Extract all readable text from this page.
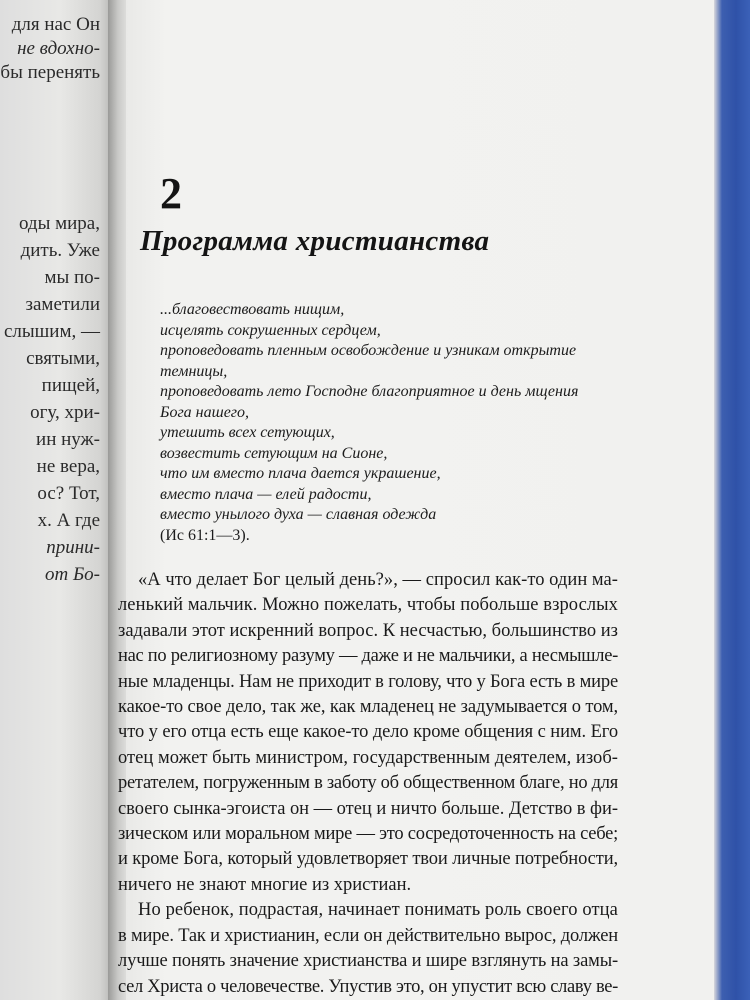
для нас Он
не вдохно-
бы перенять
оды мира,
дить. Уже
мы по-
заметили
слышим, —
святыми,
пищей,
огу, хри-
ин нуж-
не вера,
ос? Тот,
х. А где
прини-
от Бо-
2
Программа христианства
...благовествовать нищим,
исцелять сокрушенных сердцем,
проповедовать пленным освобождение и узникам открытие
темницы,
проповедовать лето Господне благоприятное и день мщения
Бога нашего,
утешить всех сетующих,
возвестить сетующим на Сионе,
что им вместо плача дается украшение,
вместо плача — елей радости,
вместо унылого духа — славная одежда
(Ис 61:1—3).
«А что делает Бог целый день?», — спросил как-то один ма-
ленький мальчик. Можно пожелать, чтобы побольше взрослых
задавали этот искренний вопрос. К несчастью, большинство из
нас по религиозному разуму — даже и не мальчики, а несмышле-
ные младенцы. Нам не приходит в голову, что у Бога есть в мире
какое-то свое дело, так же, как младенец не задумывается о том,
что у его отца есть еще какое-то дело кроме общения с ним. Его
отец может быть министром, государственным деятелем, изоб-
ретателем, погруженным в заботу об общественном благе, но для
своего сынка-эгоиста он — отец и ничто больше. Детство в фи-
зическом или моральном мире — это сосредоточенность на себе;
и кроме Бога, который удовлетворяет твои личные потребности,
ничего не знают многие из христиан.
Но ребенок, подрастая, начинает понимать роль своего отца
в мире. Так и христианин, если он действительно вырос, должен
лучше понять значение христианства и шире взглянуть на замы-
сел Христа о человечестве. Упустив это, он упустит всю славу ве-
